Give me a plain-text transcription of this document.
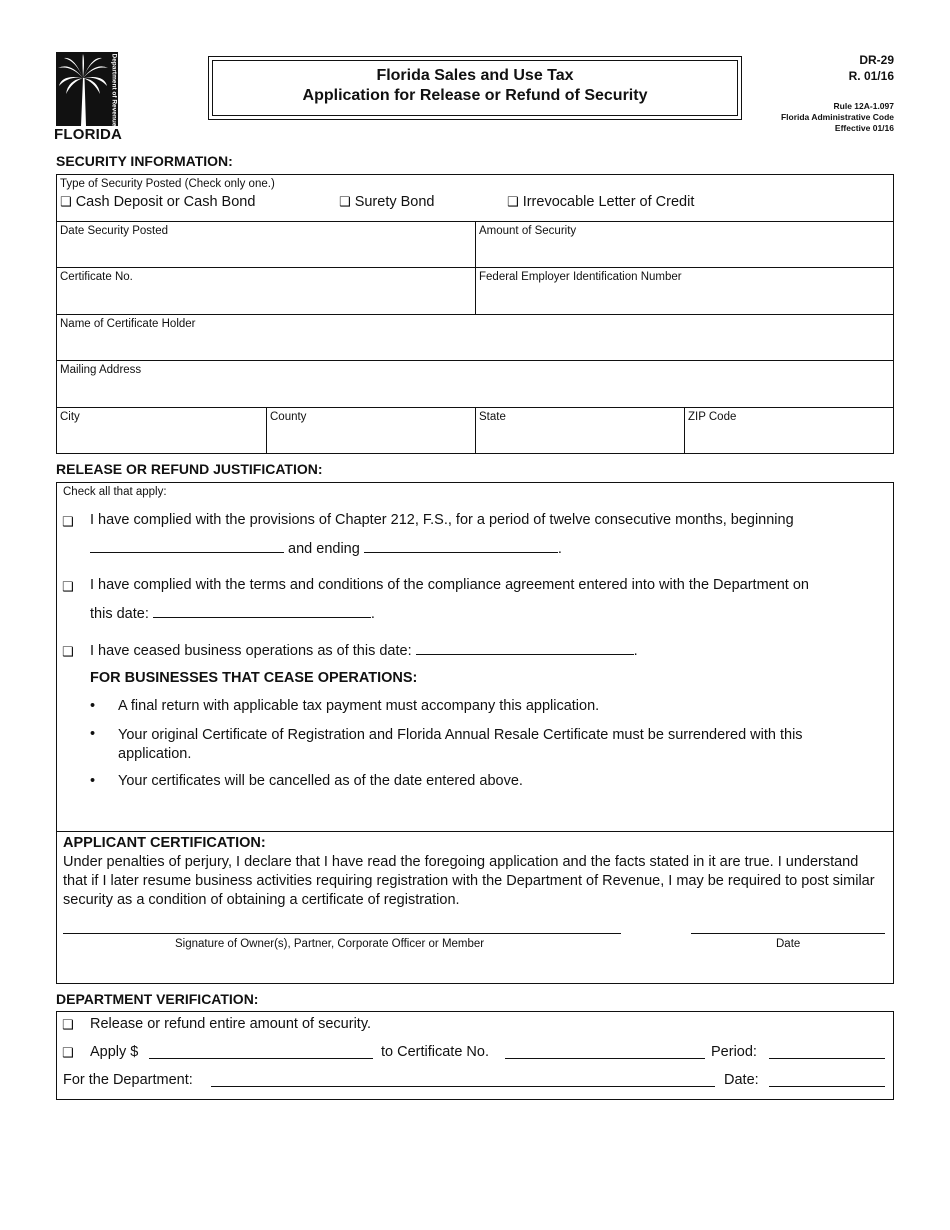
Department of Revenue
FLORIDA
Florida Sales and Use Tax
Application for Release or Refund of Security
DR-29
R. 01/16
Rule 12A-1.097
Florida Administrative Code
Effective 01/16
SECURITY INFORMATION:
Type of Security Posted (Check only one.)
❑ Cash Deposit or Cash Bond	❑ Surety Bond	❑ Irrevocable Letter of Credit
Date Security Posted	Amount of Security
Certificate No.	Federal Employer Identification Number
Name of Certificate Holder
Mailing Address
City	County	State	ZIP Code
RELEASE OR REFUND JUSTIFICATION:
Check all that apply:
❑ I have complied with the provisions of Chapter 212, F.S., for a period of twelve consecutive months, beginning
and ending	.
❑ I have complied with the terms and conditions of the compliance agreement entered into with the Department on
this date:	.
❑ I have ceased business operations as of this date:	.
FOR BUSINESSES THAT CEASE OPERATIONS:
• A final return with applicable tax payment must accompany this application.
• Your original Certificate of Registration and Florida Annual Resale Certificate must be surrendered with this application.
• Your certificates will be cancelled as of the date entered above.
APPLICANT CERTIFICATION:
Under penalties of perjury, I declare that I have read the foregoing application and the facts stated in it are true. I understand that if I later resume business activities requiring registration with the Department of Revenue, I may be required to post similar security as a condition of obtaining a certificate of registration.
Signature of Owner(s), Partner, Corporate Officer or Member	Date
DEPARTMENT VERIFICATION:
❑ Release or refund entire amount of security.
❑ Apply $	to Certificate No.	Period:
For the Department:	Date:
